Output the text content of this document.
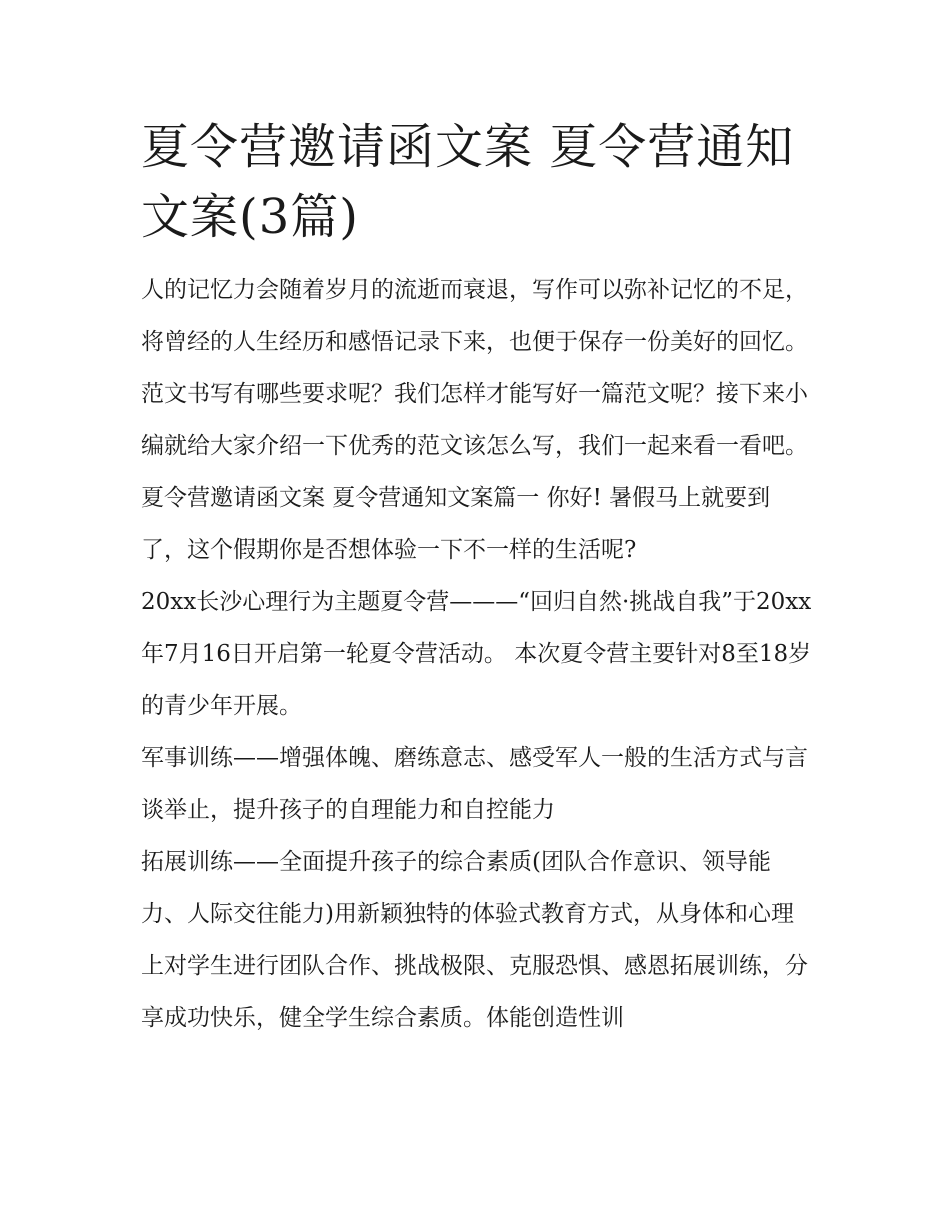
夏令营邀请函文案 夏令营通知文案(3篇)

人的记忆力会随着岁月的流逝而衰退，写作可以弥补记忆的不足，将曾经的人生经历和感悟记录下来，也便于保存一份美好的回忆。范文书写有哪些要求呢？我们怎样才能写好一篇范文呢？接下来小编就给大家介绍一下优秀的范文该怎么写，我们一起来看一看吧。

夏令营邀请函文案 夏令营通知文案篇一 你好! 暑假马上就要到了，这个假期你是否想体验一下不一样的生活呢?

20xx长沙心理行为主题夏令营———“回归自然·挑战自我”于20xx年7月16日开启第一轮夏令营活动。 本次夏令营主要针对8至18岁的青少年开展。

军事训练——增强体魄、磨练意志、感受军人一般的生活方式与言谈举止，提升孩子的自理能力和自控能力

拓展训练——全面提升孩子的综合素质(团队合作意识、领导能力、人际交往能力)用新颖独特的体验式教育方式，从身体和心理上对学生进行团队合作、挑战极限、克服恐惧、感恩拓展训练，分享成功快乐，健全学生综合素质。体能创造性训
